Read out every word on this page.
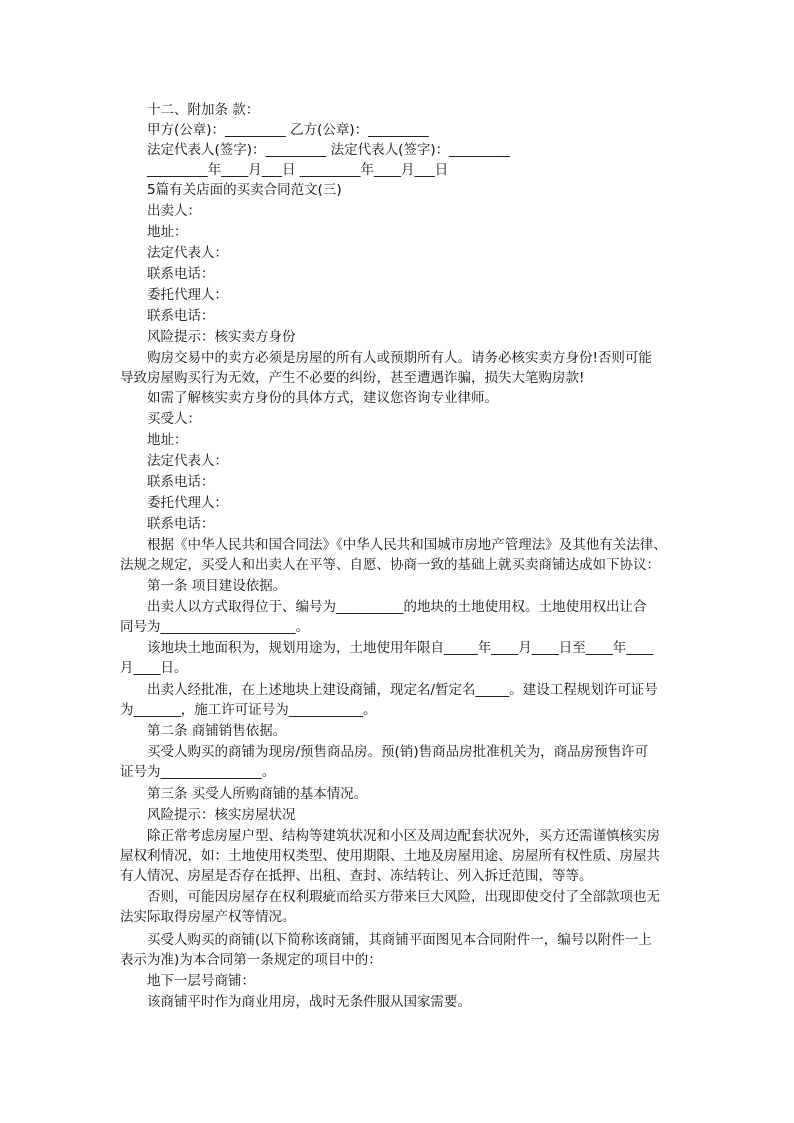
十二、附加条 款：
甲方(公章)：_________ 乙方(公章)：_________
法定代表人(签字)：_________ 法定代表人(签字)：_________
_________年____月___日 _________年____月___日
5篇有关店面的买卖合同范文(三)
出卖人：
地址：
法定代表人：
联系电话：
委托代理人：
联系电话：
风险提示：核实卖方身份
购房交易中的卖方必须是房屋的所有人或预期所有人。请务必核实卖方身份!否则可能
导致房屋购买行为无效，产生不必要的纠纷，甚至遭遇诈骗，损失大笔购房款!
如需了解核实卖方身份的具体方式，建议您咨询专业律师。
买受人：
地址：
法定代表人：
联系电话：
委托代理人：
联系电话：
根据《中华人民共和国合同法》《中华人民共和国城市房地产管理法》及其他有关法律、
法规之规定，买受人和出卖人在平等、自愿、协商一致的基础上就买卖商铺达成如下协议：
第一条 项目建设依据。
出卖人以方式取得位于、编号为__________的地块的土地使用权。土地使用权出让合
同号为____________________。
该地块土地面积为，规划用途为，土地使用年限自_____年____月____日至____年____
月____日。
出卖人经批准，在上述地块上建设商铺，现定名/暂定名_____。建设工程规划许可证号
为_______，施工许可证号为___________。
第二条 商铺销售依据。
买受人购买的商铺为现房/预售商品房。预(销)售商品房批准机关为，商品房预售许可
证号为_______________。
第三条 买受人所购商铺的基本情况。
风险提示：核实房屋状况
除正常考虑房屋户型、结构等建筑状况和小区及周边配套状况外，买方还需谨慎核实房
屋权利情况，如：土地使用权类型、使用期限、土地及房屋用途、房屋所有权性质、房屋共
有人情况、房屋是否存在抵押、出租、查封、冻结转让、列入拆迁范围，等等。
否则，可能因房屋存在权利瑕疵而给买方带来巨大风险，出现即使交付了全部款项也无
法实际取得房屋产权等情况。
买受人购买的商铺(以下简称该商铺，其商铺平面图见本合同附件一，编号以附件一上
表示为准)为本合同第一条规定的项目中的：
地下一层号商铺：
该商铺平时作为商业用房，战时无条件服从国家需要。
